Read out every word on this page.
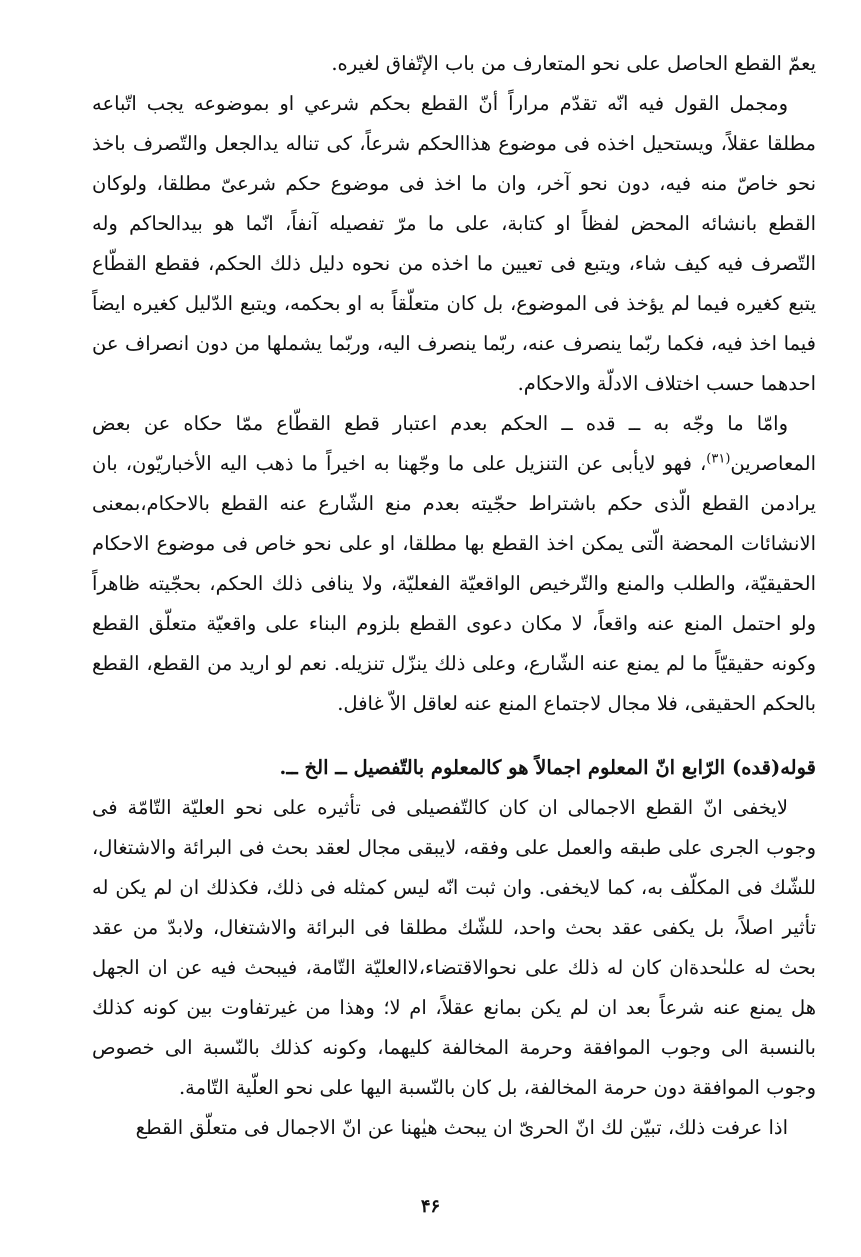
يعمّ القطع الحاصل على نحو المتعارف من باب الإتّفاق لغيره.

ومجمل القول فيه انّه تقدّم مراراً أنّ القطع بحكم شرعي او بموضوعه يجب اتّباعه مطلقا عقلاً، ويستحيل اخذه فى موضوع هذاالحكم شرعاً، كى تناله يدالجعل والتّصرف باخذ نحو خاصّ منه فيه، دون نحو آخر، وان ما اخذ فى موضوع حكم شرعىّ مطلقا، ولوكان القطع بانشائه المحض لفظاً او كتابة، على ما مرّ تفصيله آنفاً، انّما هو بيدالحاكم وله التّصرف فيه كيف شاء، ويتبع فى تعيين ما اخذه من نحوه دليل ذلك الحكم، فقطع القطّاع يتبع كغيره فيما لم يؤخذ فى الموضوع، بل كان متعلّقاً به او بحكمه، ويتبع الدّليل كغيره ايضاً فيما اخذ فيه، فكما ربّما ينصرف عنه، ربّما ينصرف اليه، وربّما يشملها من دون انصراف عن احدهما حسب اختلاف الادلّة والاحكام.

وامّا ما وجّه به ــ قده ــ الحكم بعدم اعتبار قطع القطّاع ممّا حكاه عن بعض المعاصرين$^{(٣١)}$، فهو لايأبى عن التنزيل على ما وجّهنا به اخيراً ما ذهب اليه الأخباريّون، بان يرادمن القطع الّذى حكم باشتراط حجّيته بعدم منع الشّارع عنه القطع بالاحكام،بمعنى الانشائات المحضة الّتى يمكن اخذ القطع بها مطلقا، او على نحو خاص فى موضوع الاحكام الحقيقيّة، والطلب والمنع والتّرخيص الواقعيّة الفعليّة، ولا ينافى ذلك الحكم، بحجّيته ظاهراً ولو احتمل المنع عنه واقعاً، لا مكان دعوى القطع بلزوم البناء على واقعيّة متعلّق القطع وكونه حقيقيّاً ما لم يمنع عنه الشّارع، وعلى ذلك ينزّل تنزيله. نعم لو اريد من القطع، القطع بالحكم الحقيقى، فلا مجال لاجتماع المنع عنه لعاقل الاّ غافل.

قوله(قده) الرّابع انّ المعلوم اجمالاً هو كالمعلوم بالتّفصيل ــ الخ ــ.

لايخفى انّ القطع الاجمالى ان كان كالتّفصيلى فى تأثيره على نحو العليّة التّامّة فى وجوب الجرى على طبقه والعمل على وفقه، لايبقى مجال لعقد بحث فى البرائة والاشتغال، للشّك فى المكلّف به، كما لايخفى. وان ثبت انّه ليس كمثله فى ذلك، فكذلك ان لم يكن له تأثير اصلاً، بل يكفى عقد بحث واحد، للشّك مطلقا فى البرائة والاشتغال، ولابدّ من عقد بحث له علىٰحدةان كان له ذلك على نحوالاقتضاء،لاالعليّة التّامة، فيبحث فيه عن ان الجهل هل يمنع عنه شرعاً بعد ان لم يكن بمانع عقلاً، ام لا؛ وهذا من غيرتفاوت بين كونه كذلك بالنسبة الى وجوب الموافقة وحرمة المخالفة كليهما، وكونه كذلك بالنّسبة الى خصوص وجوب الموافقة دون حرمة المخالفة، بل كان بالنّسبة اليها على نحو العلّية التّامة.

اذا عرفت ذلك، تبيّن لك انّ الحرىّ ان يبحث هيٰهنا عن انّ الاجمال فى متعلّق القطع

۴۶
